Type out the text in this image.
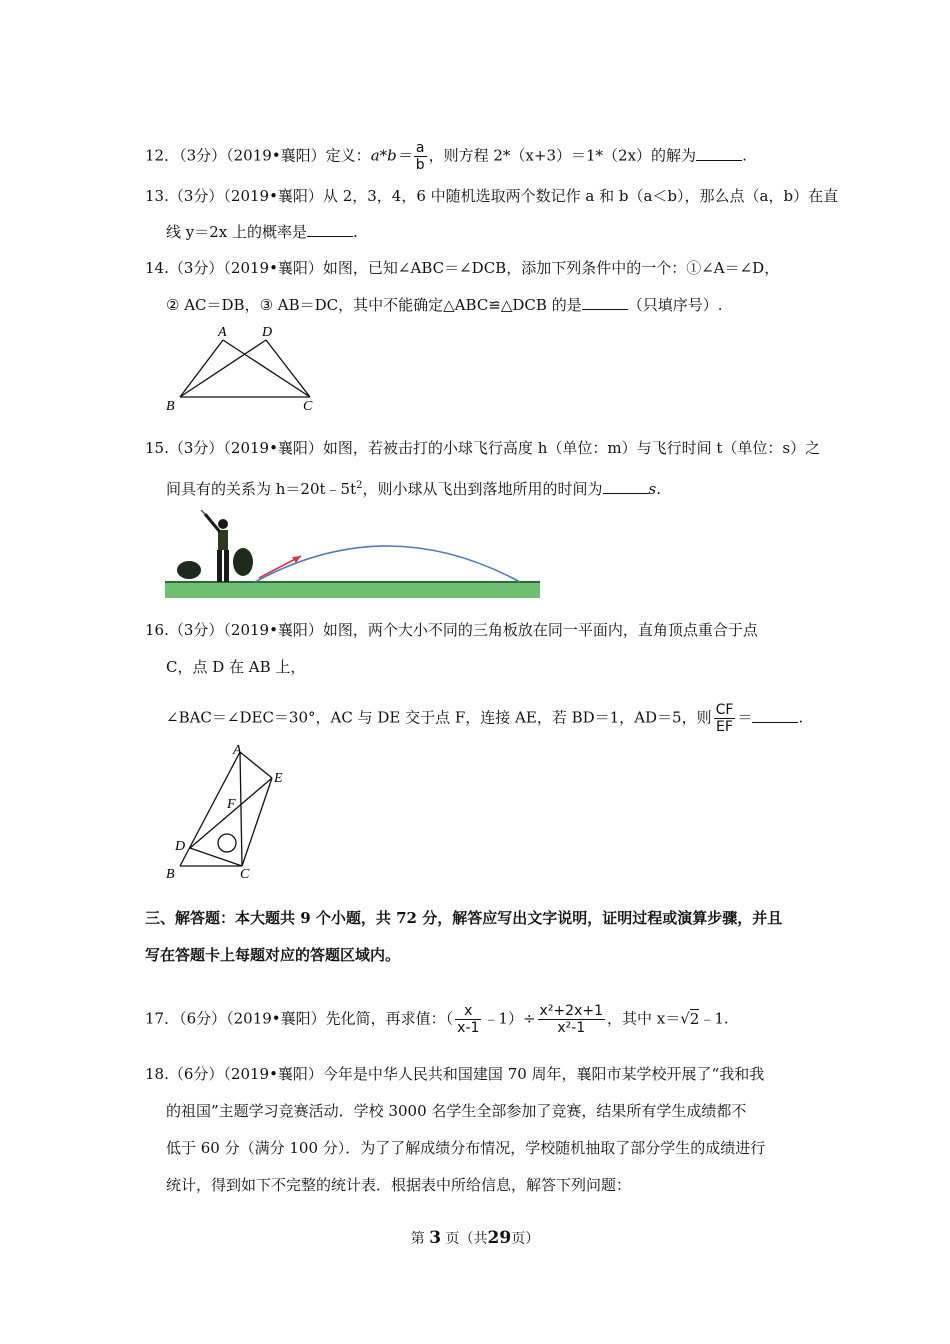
12．（3分）（2019•襄阳）定义：$a*b= \frac{a}{b}$ ，则方程 2*（x+3）＝1*（2x）的解为	.
13.（3分）（2019•襄阳）从 2，3，4，6 中随机选取两个数记作 a 和 b（a＜b），那么点（a，b）在直
线 y＝2x 上的概率是	.
14.（3分）（2019•襄阳）如图，已知∠ABC＝∠DCB，添加下列条件中的一个：①∠A＝∠D，
② AC＝DB，③ AB＝DC，其中不能确定△ABC≌△DCB 的是	（只填序号）.
A	D
B	C
15.（3分）（2019•襄阳）如图，若被击打的小球飞行高度 h（单位：m）与飞行时间 t（单位：s）之
间具有的关系为 $h=20t﹣5t^2$，则小球从飞出到落地所用的时间为	s.
16.（3分）（2019•襄阳）如图，两个大小不同的三角板放在同一平面内，直角顶点重合于点
C，点 D 在 AB 上，
∠BAC＝∠DEC＝30°，AC 与 DE 交于点 F，连接 AE，若 BD＝1，AD＝5，则 $\frac{CF}{EF}$ ＝	.
A
E
F
D
B	C
三、解答题：本大题共 9 个小题，共 72 分，解答应写出文字说明，证明过程或演算步骤，并且
写在答题卡上每题对应的答题区域内。
17．（6分）（2019•襄阳）先化简，再求值：（ $\frac{x}{x-1}$ ﹣1）÷ $\frac{\text{x²+2x+1}}{\text{x²-1}}$ ，其中 x＝√2﹣1.
18.（6分）（2019•襄阳）今年是中华人民共和国建国 70 周年，襄阳市某学校开展了“我和我
的祖国”主题学习竞赛活动．学校 3000 名学生全部参加了竞赛，结果所有学生成绩都不
低于 60 分（满分 100 分）．为了了解成绩分布情况，学校随机抽取了部分学生的成绩进行
统计，得到如下不完整的统计表．根据表中所给信息，解答下列问题：
第 3 页（共29页）
